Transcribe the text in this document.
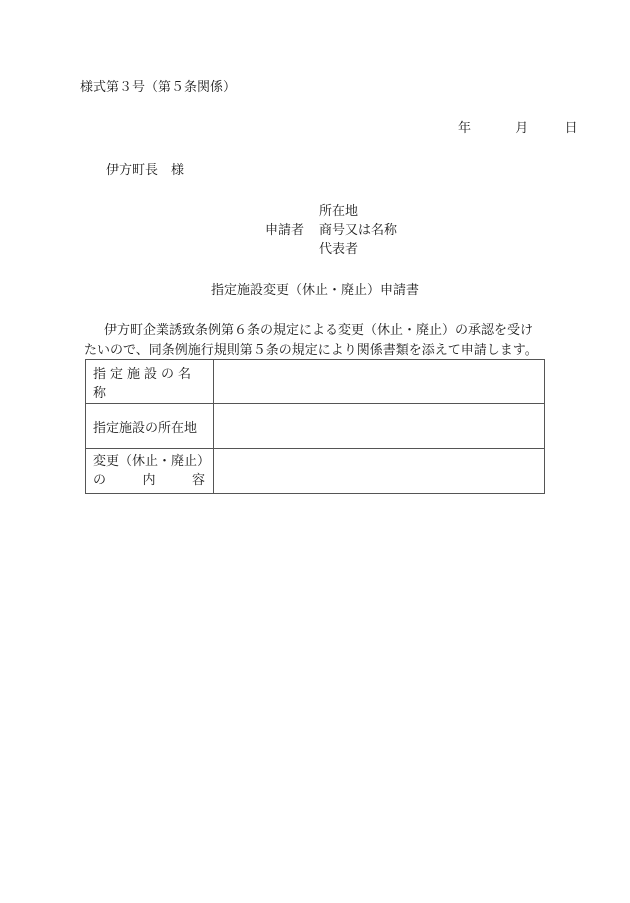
様式第３号（第５条関係）
年	月	日
伊方町長　様
所在地
申請者 商号又は名称
代表者
指定施設変更（休止・廃止）申請書
伊方町企業誘致条例第６条の規定による変更（休止・廃止）の承認を受け
たいので、同条例施行規則第５条の規定により関係書類を添えて申請します。
指定施設の名称	

指定施設の所在地	

変更（休止・廃止）
の 内 容	
